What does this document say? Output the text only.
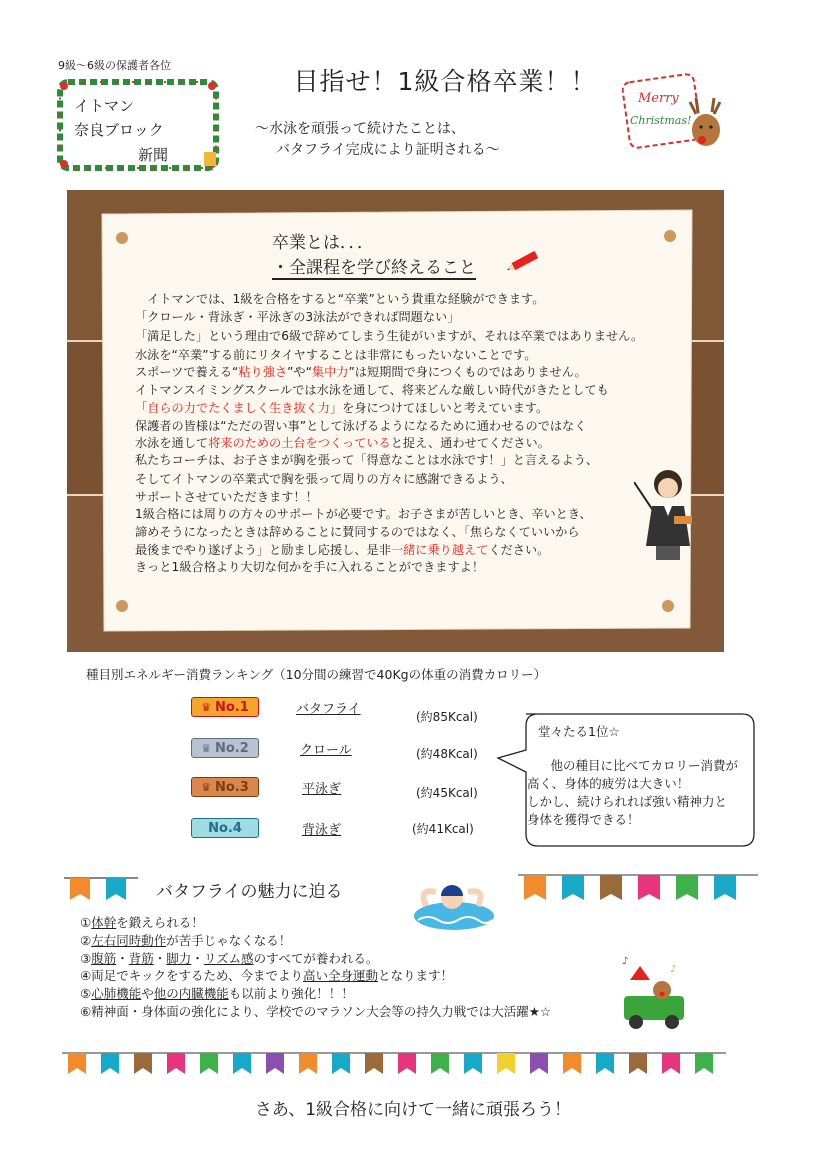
9級～6級の保護者各位
イトマン
奈良ブロック
新聞
目指せ！1級合格卒業！！
～水泳を頑張って続けたことは、
バタフライ完成により証明される～
Merry
Christmas!
卒業とは．．．
・全課程を学び終えること
　イトマンでは、1級を合格をすると“卒業”という貴重な経験ができます。
「クロール・背泳ぎ・平泳ぎの3泳法ができれば問題ない」
「満足した」という理由で6級で辞めてしまう生徒がいますが、それは卒業ではありません。
水泳を“卒業”する前にリタイヤすることは非常にもったいないことです。
スポーツで養える“粘り強さ”や“集中力”は短期間で身につくものではありません。
イトマンスイミングスクールでは水泳を通して、将来どんな厳しい時代がきたとしても
「自らの力でたくましく生き抜く力」を身につけてほしいと考えています。
保護者の皆様は“ただの習い事”として泳げるようになるために通わせるのではなく
水泳を通して将来のための土台をつくっていると捉え、通わせてください。
私たちコーチは、お子さまが胸を張って「得意なことは水泳です！」と言えるよう、
そしてイトマンの卒業式で胸を張って周りの方々に感謝できるよう、
サポートさせていただきます！！
1級合格には周りの方々のサポートが必要です。お子さまが苦しいとき、辛いとき、
諦めそうになったときは辞めることに賛同するのではなく、「焦らなくていいから
最後までやり遂げよう」と励まし応援し、是非一緒に乗り越えてください。
きっと1級合格より大切な何かを手に入れることができますよ！
種目別エネルギー消費ランキング（10分間の練習で40Kgの体重の消費カロリー）
♛ No.1	バタフライ	(約85Kcal)
♛ No.2	クロール	(約48Kcal)
♛ No.3	平泳ぎ	(約45Kcal)
No.4	背泳ぎ	(約41Kcal)
堂々たる1位☆
　他の種目に比べてカロリー消費が
高く、身体的疲労は大きい！
しかし、続けられれば強い精神力と
身体を獲得できる！
バタフライの魅力に迫る
①体幹を鍛えられる！
②左右同時動作が苦手じゃなくなる！
③腹筋・背筋・脚力・リズム感のすべてが養われる。
④両足でキックをするため、今までより高い全身運動となります！
⑤心肺機能や他の内臓機能も以前より強化！！！
⑥精神面・身体面の強化により、学校でのマラソン大会等の持久力戦では大活躍★☆
♪
♪
さあ、1級合格に向けて一緒に頑張ろう！
